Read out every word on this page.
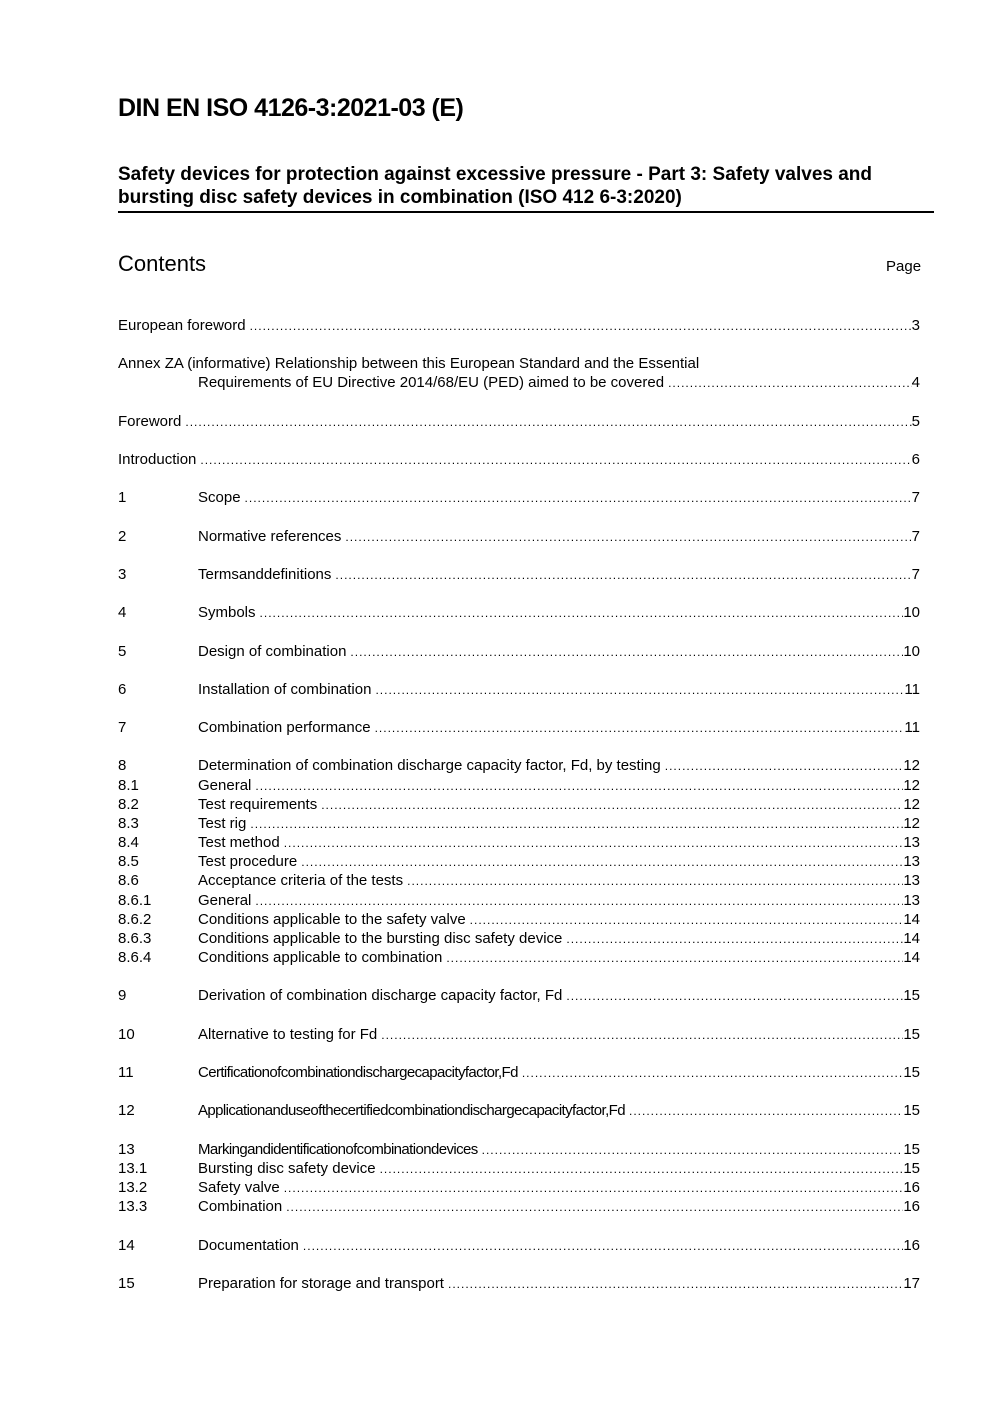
DIN EN ISO 4126-3:2021-03 (E)
Safety devices for protection against excessive pressure - Part 3: Safety valves and
bursting disc safety devices in combination (ISO 412 6-3:2020)
Contents	Page
European foreword .....	3
Annex ZA (informative) Relationship between this European Standard and the Essential
Requirements of EU Directive 2014/68/EU (PED) aimed to be covered .....	4
Foreword .....	5
Introduction .....	6
1	Scope .....	7
2	Normative references .....	7
3	Termsanddefinitions .....	7
4	Symbols .....	10
5	Design of combination .....	10
6	Installation of combination .....	11
7	Combination performance .....	11
8	Determination of combination discharge capacity factor, Fd, by testing .....	12
8.1	General .....	12
8.2	Test requirements .....	12
8.3	Test rig .....	12
8.4	Test method .....	13
8.5	Test procedure .....	13
8.6	Acceptance criteria of the tests .....	13
8.6.1	General .....	13
8.6.2	Conditions applicable to the safety valve .....	14
8.6.3	Conditions applicable to the bursting disc safety device .....	14
8.6.4	Conditions applicable to combination .....	14
9	Derivation of combination discharge capacity factor, Fd .....	15
10	Alternative to testing for Fd .....	15
11	Certificationofcombinationdischargecapacityfactor,Fd .....	15
12	Applicationanduseofthecertifiedcombinationdischargecapacityfactor,Fd .....	15
13	Markingandidentificationofcombinationdevices .....	15
13.1	Bursting disc safety device .....	15
13.2	Safety valve .....	16
13.3	Combination .....	16
14	Documentation .....	16
15	Preparation for storage and transport .....	17
